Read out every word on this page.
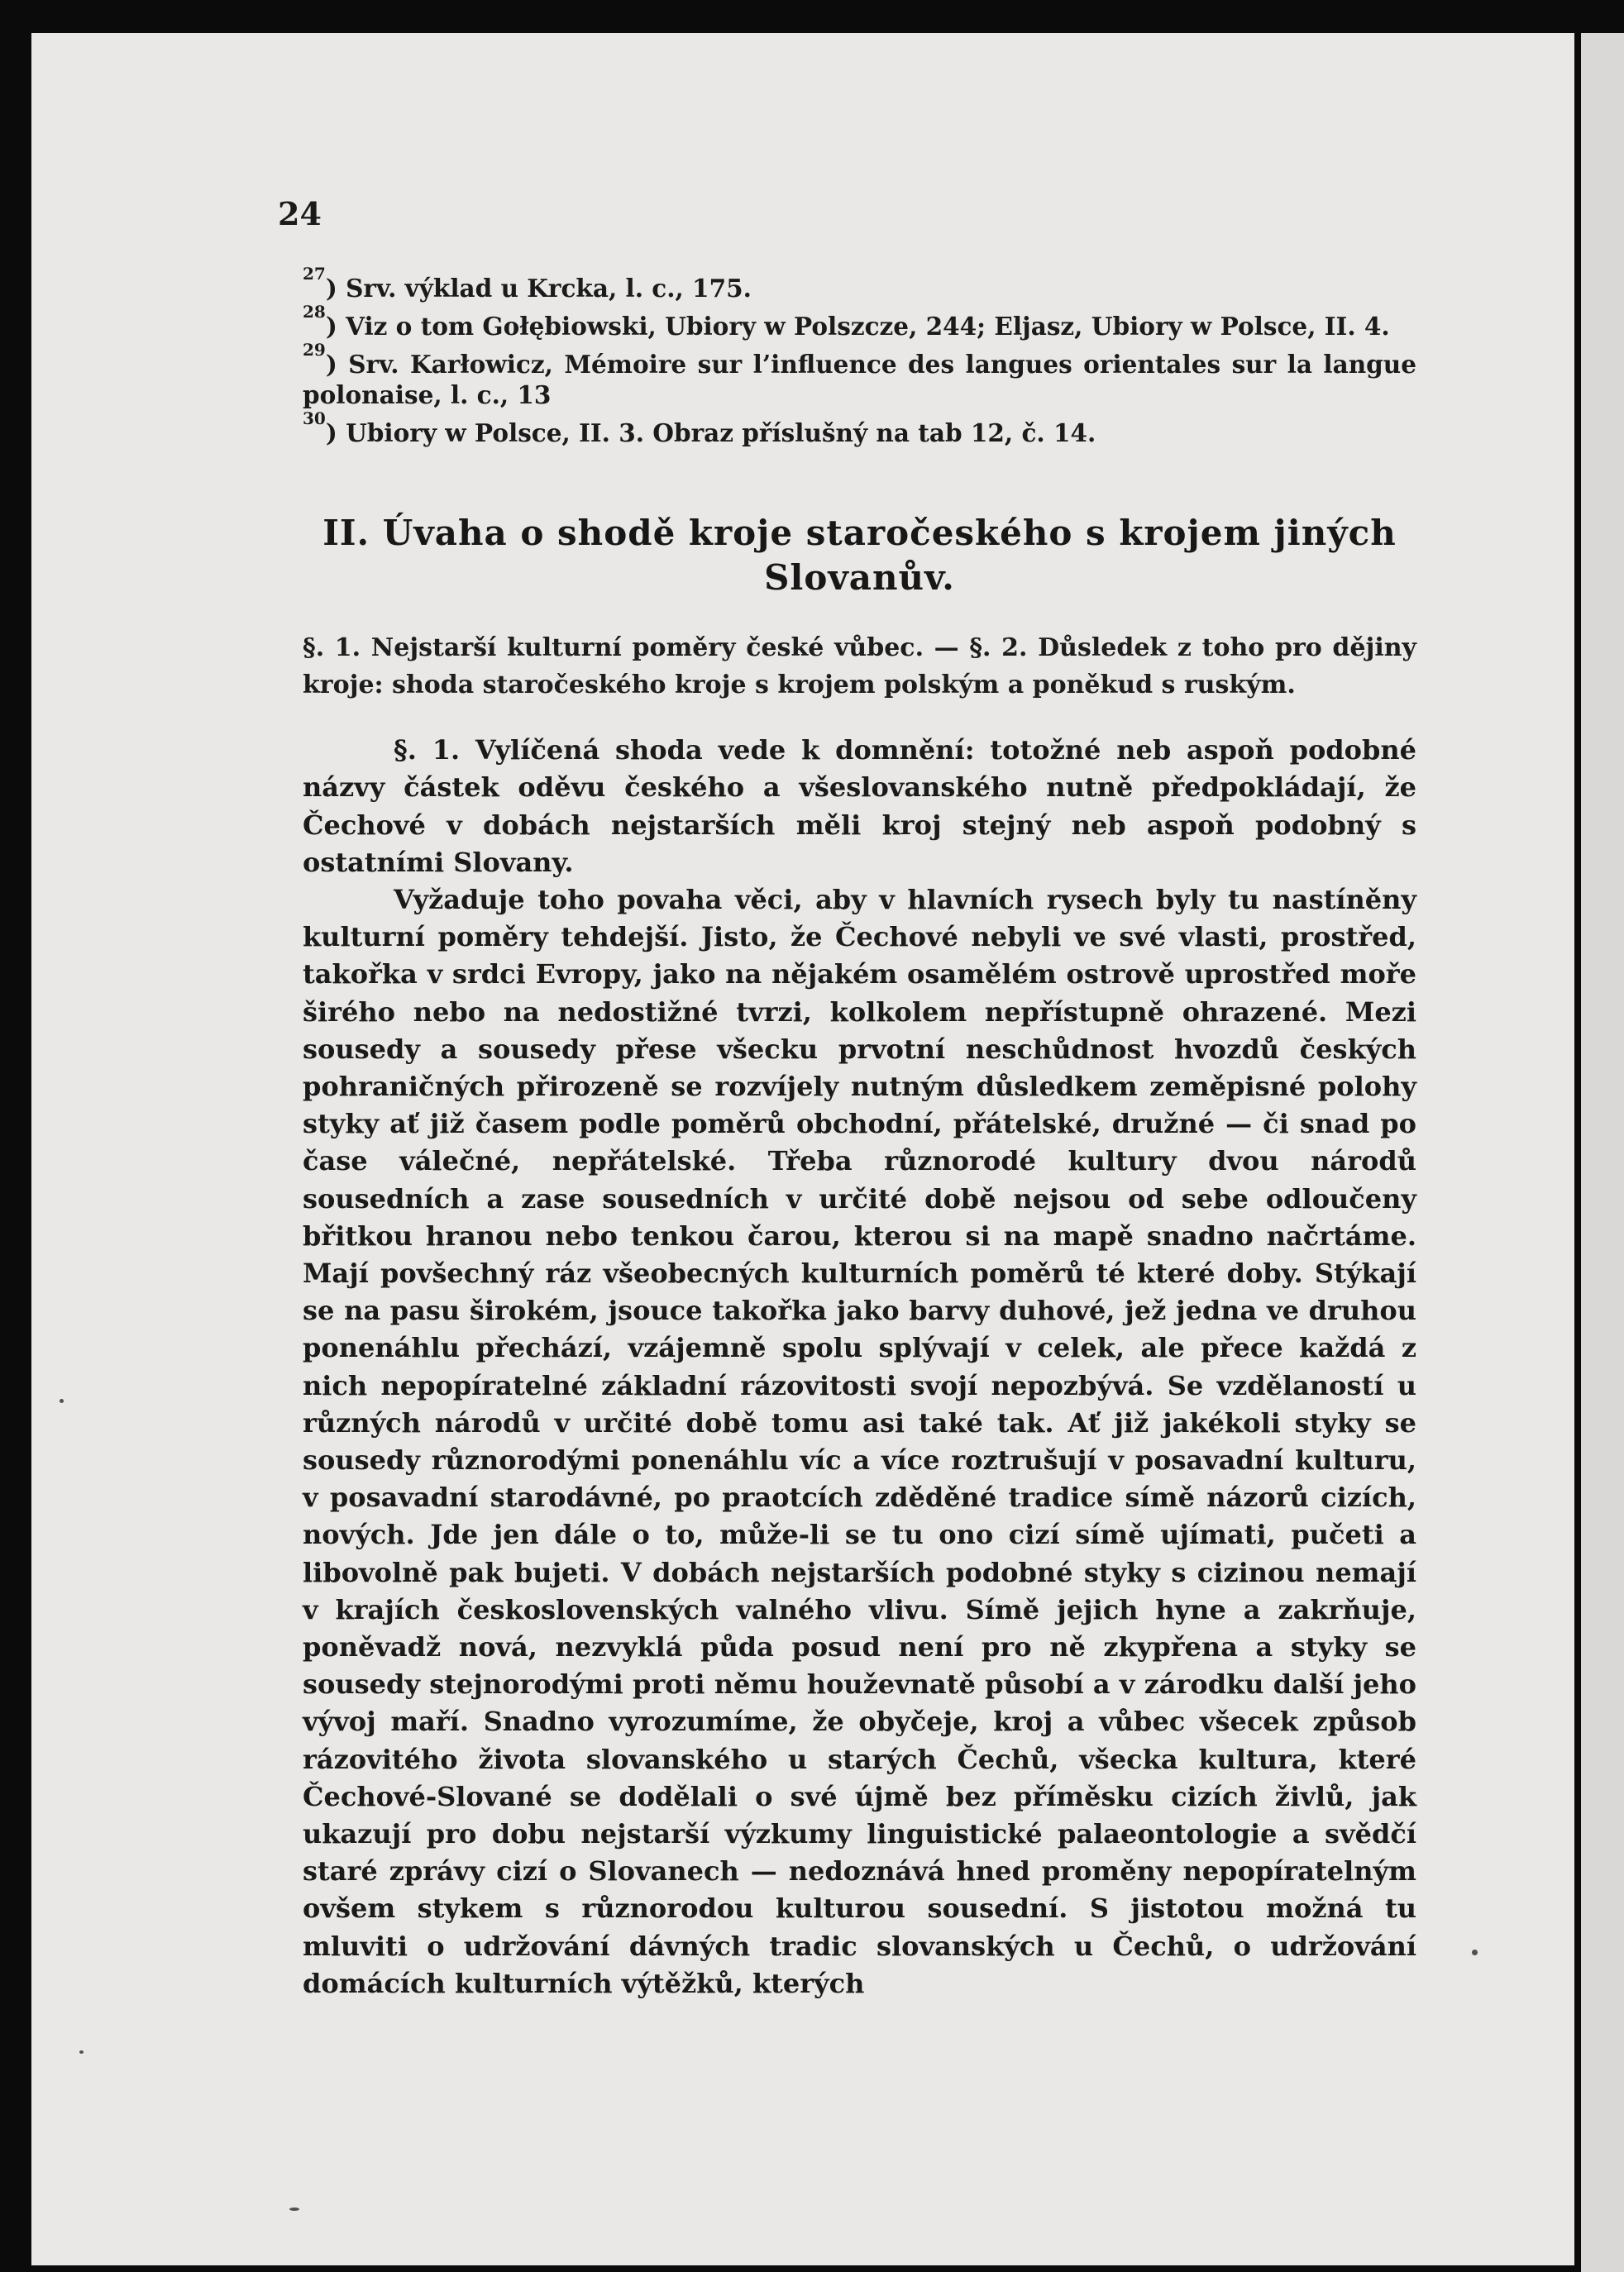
24

$^{27}$) Srv. výklad u Krcka, l. c., 175.

$^{28}$) Viz o tom Gołębiowski, Ubiory w Polszcze, 244; Eljasz, Ubiory w Polsce, II. 4.

$^{29}$) Srv. Karłowicz, Mémoire sur l’influence des langues orientales sur la langue polonaise, l. c., 13

$^{30}$) Ubiory w Polsce, II. 3. Obraz příslušný na tab 12, č. 14.

II. Úvaha o shodě kroje staročeského s krojem jiných Slovanův.
§. 1. Nejstarší kulturní poměry české vůbec. — §. 2. Důsledek z toho pro dějiny kroje: shoda staročeského kroje s krojem polským a poněkud s ruským.

§. 1. Vylíčená shoda vede k domnění: totožné neb aspoň podobné názvy částek oděvu českého a všeslovanského nutně předpokládají, že Čechové v dobách nejstarších měli kroj stejný neb aspoň podobný s ostatními Slovany.

Vyžaduje toho povaha věci, aby v hlavních rysech byly tu nastíněny kulturní poměry tehdejší. Jisto, že Čechové nebyli ve své vlasti, prostřed, takořka v srdci Evropy, jako na nějakém osamělém ostrově uprostřed moře širého nebo na nedostižné tvrzi, kolkolem nepřístupně ohrazené. Mezi sousedy a sousedy přese všecku prvotní neschůdnost hvozdů českých pohraničných přirozeně se rozvíjely nutným důsledkem zeměpisné polohy styky ať již časem podle poměrů obchodní, přátelské, družné — či snad po čase válečné, nepřátelské. Třeba různorodé kultury dvou národů sousedních a zase sousedních v určité době nejsou od sebe odloučeny břitkou hranou nebo tenkou čarou, kterou si na mapě snadno načrtáme. Mají povšechný ráz všeobecných kulturních poměrů té které doby. Stýkají se na pasu širokém, jsouce takořka jako barvy duhové, jež jedna ve druhou ponenáhlu přechází, vzájemně spolu splývají v celek, ale přece každá z nich nepopíratelné základní rázovitosti svojí nepozbývá. Se vzdělaností u různých národů v určité době tomu asi také tak. Ať již jakékoli styky se sousedy různorodými ponenáhlu víc a více roztrušují v posavadní kulturu, v posavadní starodávné, po praotcích zděděné tradice símě názorů cizích, nových. Jde jen dále o to, může-li se tu ono cizí símě ujímati, pučeti a libovolně pak bujeti. V dobách nejstarších podobné styky s cizinou nemají v krajích československých valného vlivu. Símě jejich hyne a zakrňuje, poněvadž nová, nezvyklá půda posud není pro ně zkypřena a styky se sousedy stejnorodými proti němu houževnatě působí a v zárodku další jeho vývoj maří. Snadno vyrozumíme, že obyčeje, kroj a vůbec všecek způsob rázovitého života slovanského u starých Čechů, všecka kultura, které Čechové-Slované se dodělali o své újmě bez příměsku cizích živlů, jak ukazují pro dobu nejstarší výzkumy linguistické palaeontologie a svědčí staré zprávy cizí o Slovanech — nedoznává hned proměny nepopíratelným ovšem stykem s různorodou kulturou sousední. S jistotou možná tu mluviti o udržování dávných tradic slovanských u Čechů, o udržování domácích kulturních výtěžků, kterých
